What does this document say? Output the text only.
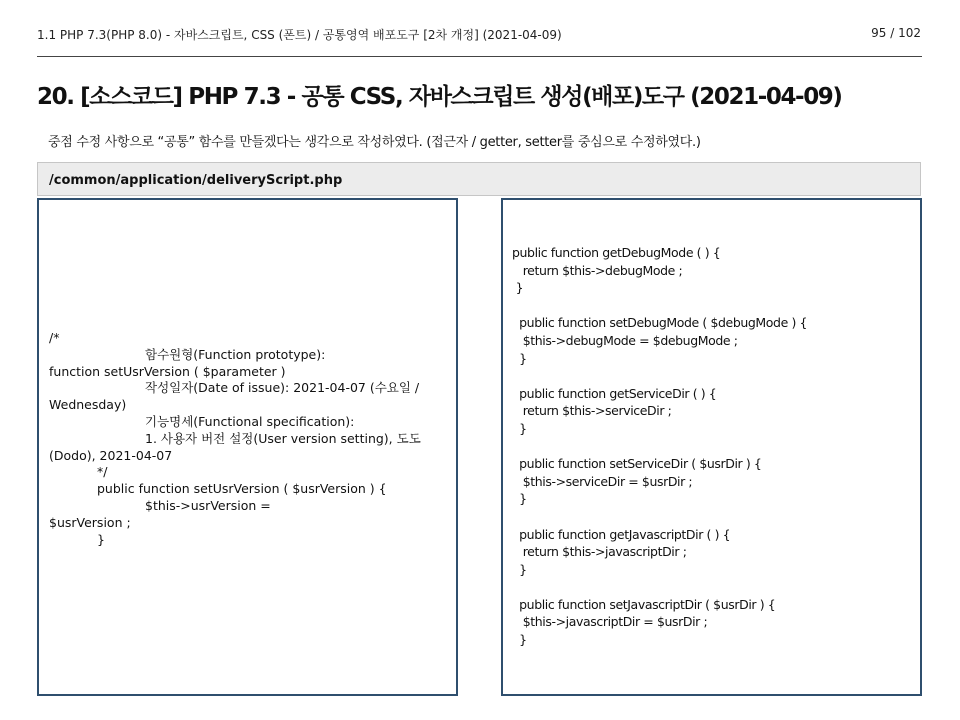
1.1 PHP 7.3(PHP 8.0) - 자바스크립트, CSS (폰트) / 공통영역 배포도구 [2차 개정] (2021-04-09)	95 / 102
20. [소스코드] PHP 7.3 - 공통 CSS, 자바스크립트 생성(배포)도구 (2021-04-09)
중점 수정 사항으로 “공통” 함수를 만들겠다는 생각으로 작성하였다. (접근자 / getter, setter를 중심으로 수정하였다.)
/common/application/deliveryScript.php
/*
				함수원형(Function prototype):
function setUsrVersion ( $parameter )
				작성일자(Date of issue): 2021-04-07 (수요일 / Wednesday)
				기능명세(Functional specification):
				1. 사용자 버전 설정(User version setting), 도도(Dodo), 2021-04-07
		*/
		public function setUsrVersion ( $usrVersion ) {
				$this->usrVersion =
$usrVersion ;
		}
public function getDebugMode ( ) {
return $this->debugMode ;
}

public function setDebugMode ( $debugMode ) {
$this->debugMode = $debugMode ;
}

public function getServiceDir ( ) {
return $this->serviceDir ;
}

public function setServiceDir ( $usrDir ) {
$this->serviceDir = $usrDir ;
}

public function getJavascriptDir ( ) {
return $this->javascriptDir ;
}

public function setJavascriptDir ( $usrDir ) {
$this->javascriptDir = $usrDir ;
}
